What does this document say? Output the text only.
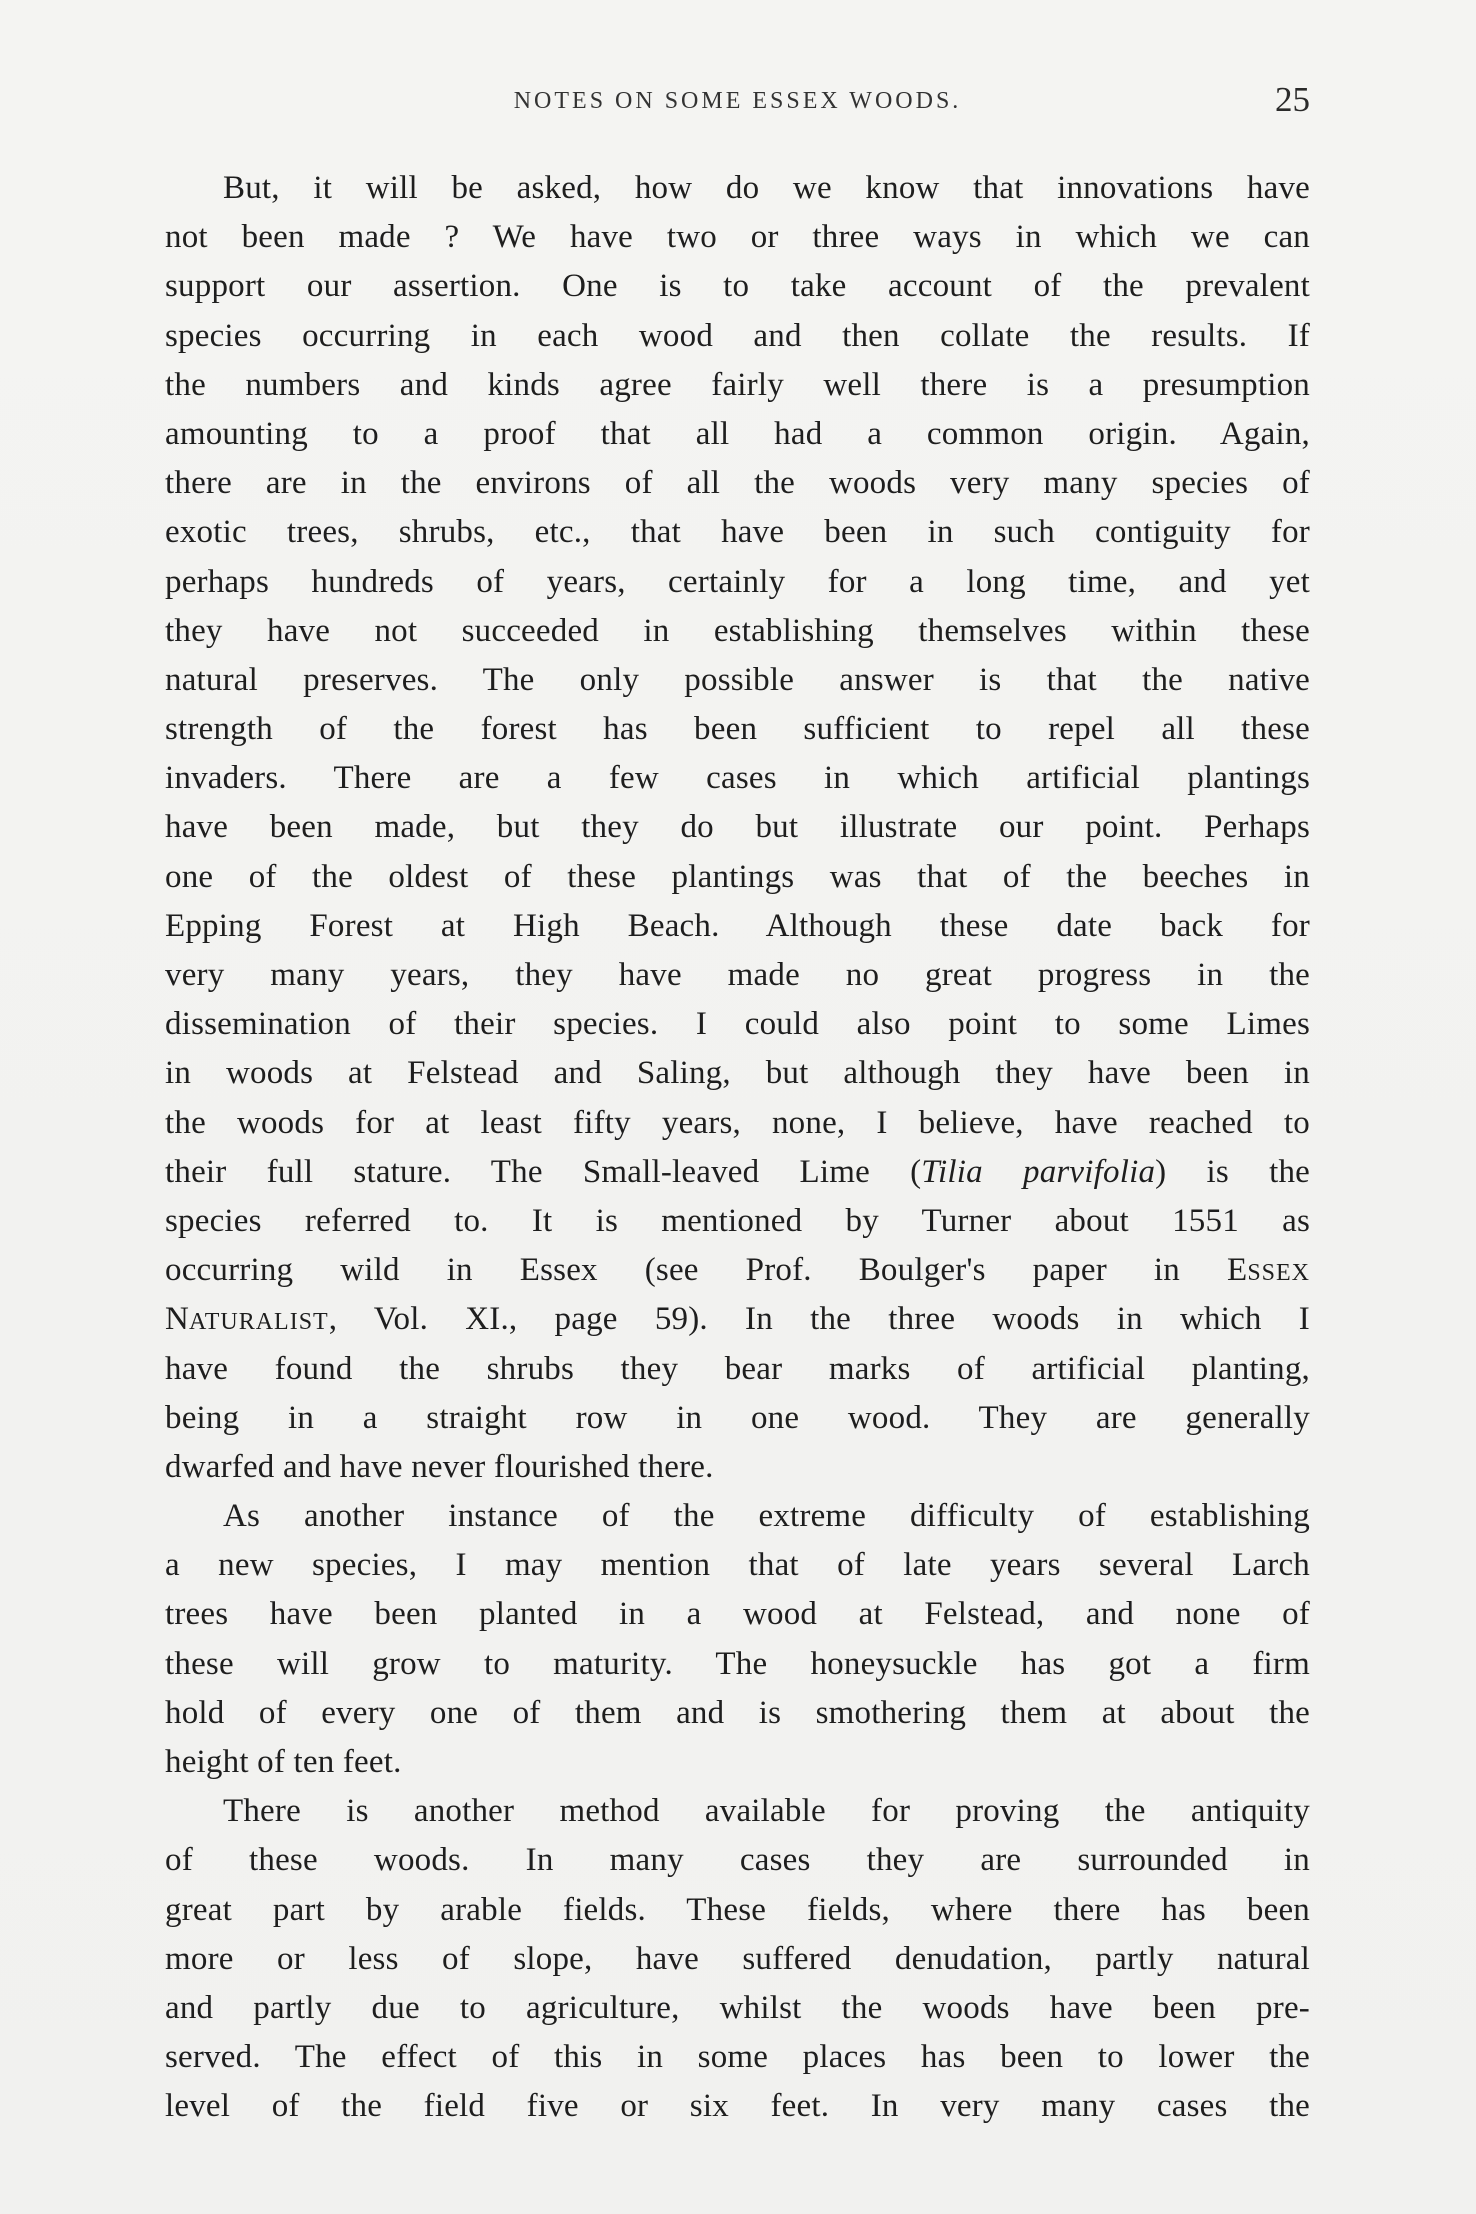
NOTES ON SOME ESSEX WOODS.	25
But, it will be asked, how do we know that innovations have
not been made ? We have two or three ways in which we can
support our assertion. One is to take account of the prevalent
species occurring in each wood and then collate the results. If
the numbers and kinds agree fairly well there is a presumption
amounting to a proof that all had a common origin. Again,
there are in the environs of all the woods very many species of
exotic trees, shrubs, etc., that have been in such contiguity for
perhaps hundreds of years, certainly for a long time, and yet
they have not succeeded in establishing themselves within these
natural preserves. The only possible answer is that the native
strength of the forest has been sufficient to repel all these
invaders. There are a few cases in which artificial plantings
have been made, but they do but illustrate our point. Perhaps
one of the oldest of these plantings was that of the beeches in
Epping Forest at High Beach. Although these date back for
very many years, they have made no great progress in the
dissemination of their species. I could also point to some Limes
in woods at Felstead and Saling, but although they have been in
the woods for at least fifty years, none, I believe, have reached to
their full stature. The Small-leaved Lime (Tilia parvifolia) is the
species referred to. It is mentioned by Turner about 1551 as
occurring wild in Essex (see Prof. Boulger's paper in ESSEX
NATURALIST, Vol. XI., page 59). In the three woods in which I
have found the shrubs they bear marks of artificial planting,
being in a straight row in one wood. They are generally
dwarfed and have never flourished there.
As another instance of the extreme difficulty of establishing
a new species, I may mention that of late years several Larch
trees have been planted in a wood at Felstead, and none of
these will grow to maturity. The honeysuckle has got a firm
hold of every one of them and is smothering them at about the
height of ten feet.
There is another method available for proving the antiquity
of these woods. In many cases they are surrounded in
great part by arable fields. These fields, where there has been
more or less of slope, have suffered denudation, partly natural
and partly due to agriculture, whilst the woods have been pre-
served. The effect of this in some places has been to lower the
level of the field five or six feet. In very many cases the
